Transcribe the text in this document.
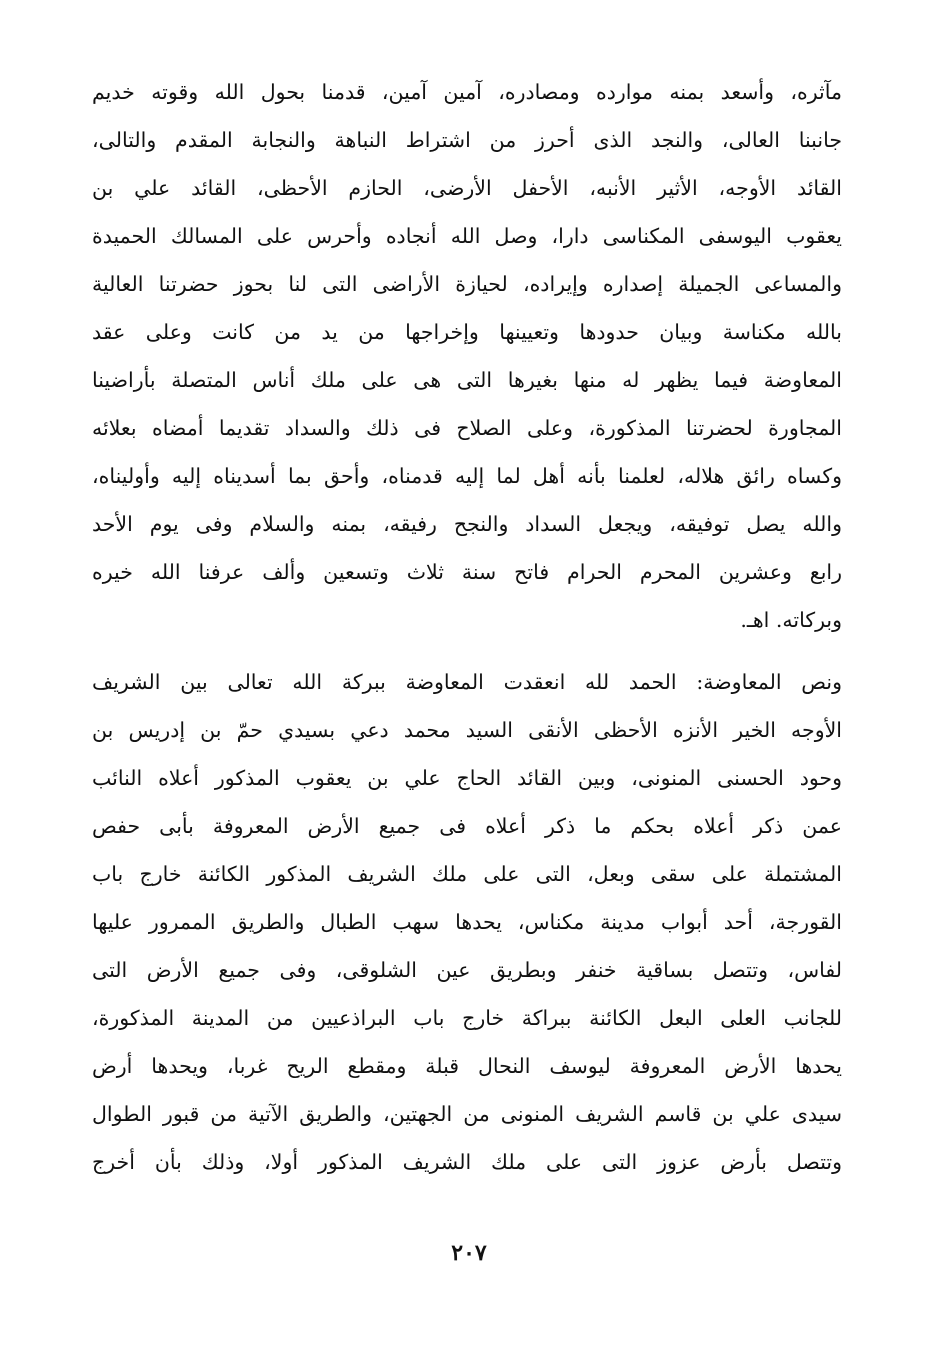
مآثره، وأسعد بمنه موارده ومصادره، آمين آمين، قدمنا بحول الله وقوته خديم
جانبنا العالى، والنجد الذى أحرز من اشتراط النباهة والنجابة المقدم والتالى،
القائد الأوجه، الأثير الأنبه، الأحفل الأرضى، الحازم الأحظى، القائد علي بن
يعقوب اليوسفى المكناسى دارا، وصل الله أنجاده وأحرس على المسالك الحميدة
والمساعى الجميلة إصداره وإيراده، لحيازة الأراضى التى لنا بحوز حضرتنا العالية
بالله مكناسة وبيان حدودها وتعيينها وإخراجها من يد من كانت وعلى عقد
المعاوضة فيما يظهر له منها بغيرها التى هى على ملك أناس المتصلة بأراضينا
المجاورة لحضرتنا المذكورة، وعلى الصلاح فى ذلك والسداد تقديما أمضاه بعلائه
وكساه رائق هلاله، لعلمنا بأنه أهل لما إليه قدمناه، وأحق بما أسديناه إليه وأوليناه،
والله يصل توفيقه، ويجعل السداد والنجح رفيقه، بمنه والسلام وفى يوم الأحد
رابع وعشرين المحرم الحرام فاتح سنة ثلاث وتسعين وألف عرفنا الله خيره
وبركاته. اهـ.
ونص المعاوضة: الحمد لله انعقدت المعاوضة ببركة الله تعالى بين الشريف
الأوجه الخير الأنزه الأحظى الأنقى السيد محمد دعي بسيدي حمّ بن إدريس بن
وحود الحسنى المنونى، وبين القائد الحاج علي بن يعقوب المذكور أعلاه النائب
عمن ذكر أعلاه بحكم ما ذكر أعلاه فى جميع الأرض المعروفة بأبى حفص
المشتملة على سقى وبعل، التى على ملك الشريف المذكور الكائنة خارج باب
القورجة، أحد أبواب مدينة مكناس، يحدها سهب الطبال والطريق الممرور عليها
لفاس، وتتصل بساقية خنفر وبطريق عين الشلوقى، وفى جميع الأرض التى
للجانب العلى البعل الكائنة ببراكة خارج باب البراذعيين من المدينة المذكورة،
يحدها الأرض المعروفة ليوسف النحال قبلة ومقطع الريح غربا، ويحدها أرض
سيدى علي بن قاسم الشريف المنونى من الجهتين، والطريق الآتية من قبور الطوال
وتتصل بأرض عزوز التى على ملك الشريف المذكور أولا، وذلك بأن أخرج
٢٠٧
